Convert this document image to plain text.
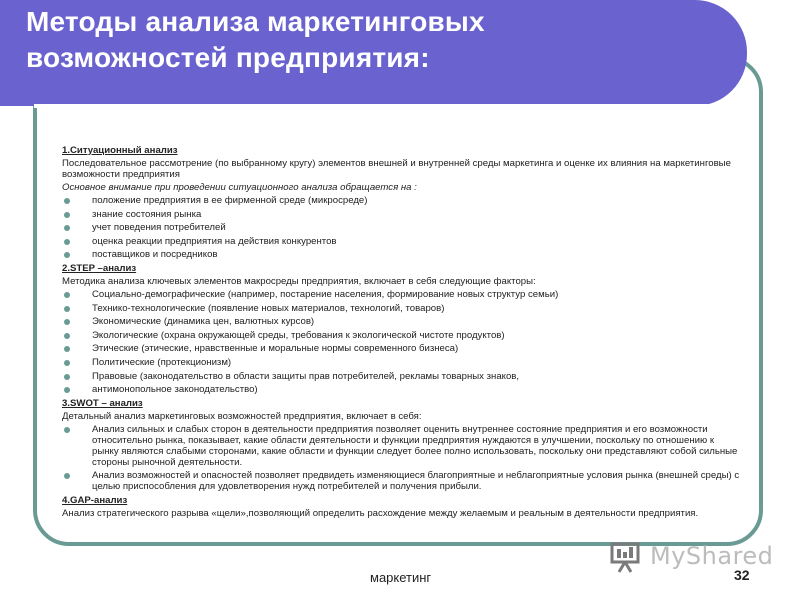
Методы анализа маркетинговых
возможностей предприятия:
1.Ситуационный анализ
Последовательное рассмотрение (по выбранному кругу) элементов внешней и внутренней среды маркетинга и оценке их влияния на маркетинговые возможности предприятия
Основное внимание при проведении ситуационного анализа обращается на :
положение предприятия в ее фирменной среде (микросреде)
знание состояния рынка
учет поведения потребителей
оценка реакции предприятия на действия конкурентов
поставщиков и посредников
2.STEP –анализ
Методика анализа ключевых элементов макросреды предприятия, включает в себя следующие факторы:
Социально-демографические (например, постарение населения, формирование новых структур семьи)
Технико-технологические (появление новых материалов, технологий, товаров)
Экономические (динамика цен, валютных курсов)
Экологические (охрана окружающей среды, требования к экологической чистоте продуктов)
Этические (этические, нравственные и моральные нормы современного бизнеса)
Политические (протекционизм)
Правовые (законодательство в области защиты прав потребителей, рекламы товарных знаков,
антимонопольное законодательство)
3.SWOT – анализ
Детальный анализ маркетинговых возможностей предприятия, включает в себя:
Анализ сильных и слабых сторон в деятельности предприятия позволяет оценить внутреннее состояние предприятия и его возможности относительно рынка, показывает, какие области деятельности и функции предприятия нуждаются в улучшении, поскольку по отношению к рынку являются слабыми сторонами, какие области и функции следует более полно использовать, поскольку они представляют собой сильные стороны рыночной деятельности.
Анализ возможностей и опасностей позволяет предвидеть изменяющиеся благоприятные и неблагоприятные условия рынка (внешней среды) с целью приспособления для удовлетворения нужд потребителей и получения прибыли.
4.GAP-анализ
Анализ стратегического разрыва «щели»,позволяющий определить расхождение между желаемым и реальным в деятельности предприятия.
MyShared
маркетинг	32
